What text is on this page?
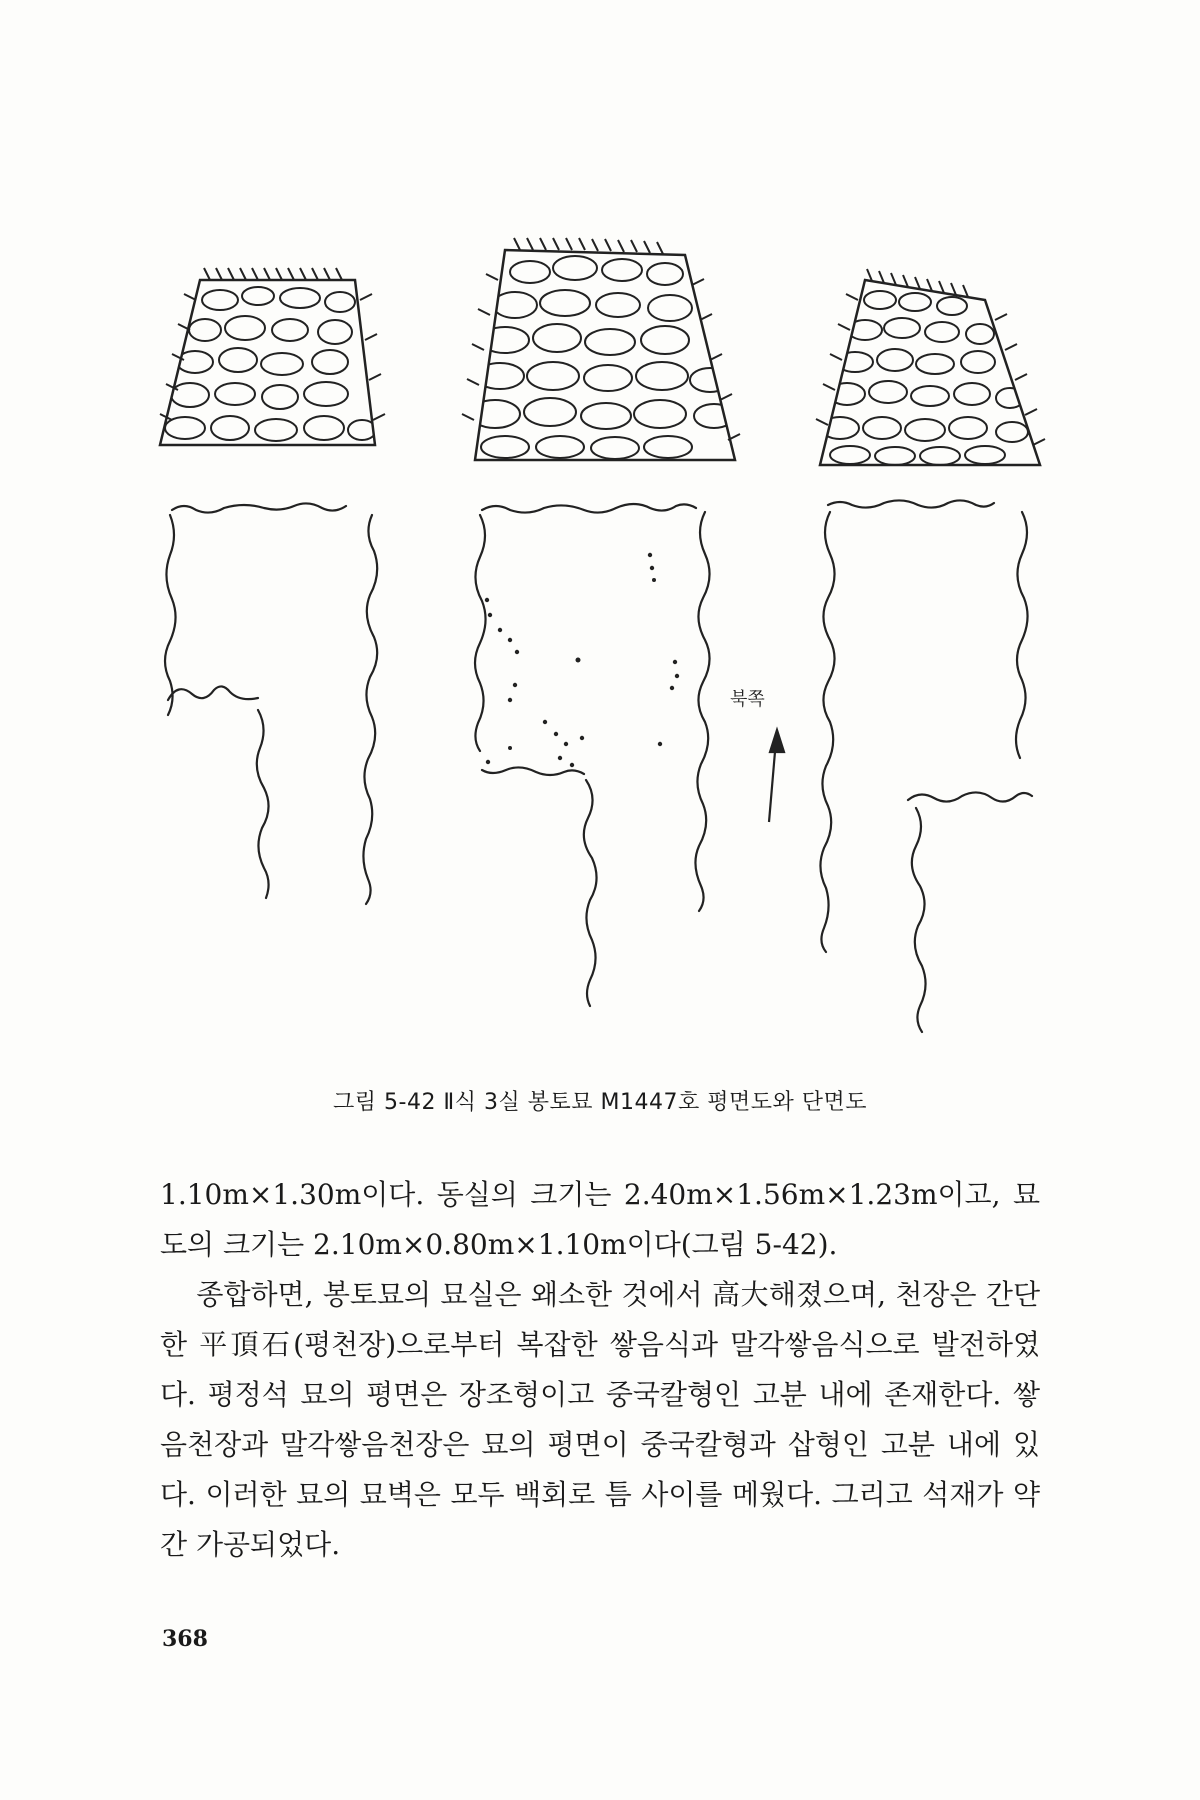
북쪽
그림 5-42 Ⅱ식 3실 봉토묘 M1447호 평면도와 단면도

1.10m×1.30m이다. 동실의 크기는 2.40m×1.56m×1.23m이고, 묘도의 크기는 2.10m×0.80m×1.10m이다(그림 5-42).

종합하면, 봉토묘의 묘실은 왜소한 것에서 高大해졌으며, 천장은 간단한 平頂石(평천장)으로부터 복잡한 쌓음식과 말각쌓음식으로 발전하였다. 평정석 묘의 평면은 장조형이고 중국칼형인 고분 내에 존재한다. 쌓음천장과 말각쌓음천장은 묘의 평면이 중국칼형과 삽형인 고분 내에 있다. 이러한 묘의 묘벽은 모두 백회로 틈 사이를 메웠다. 그리고 석재가 약간 가공되었다.

368
